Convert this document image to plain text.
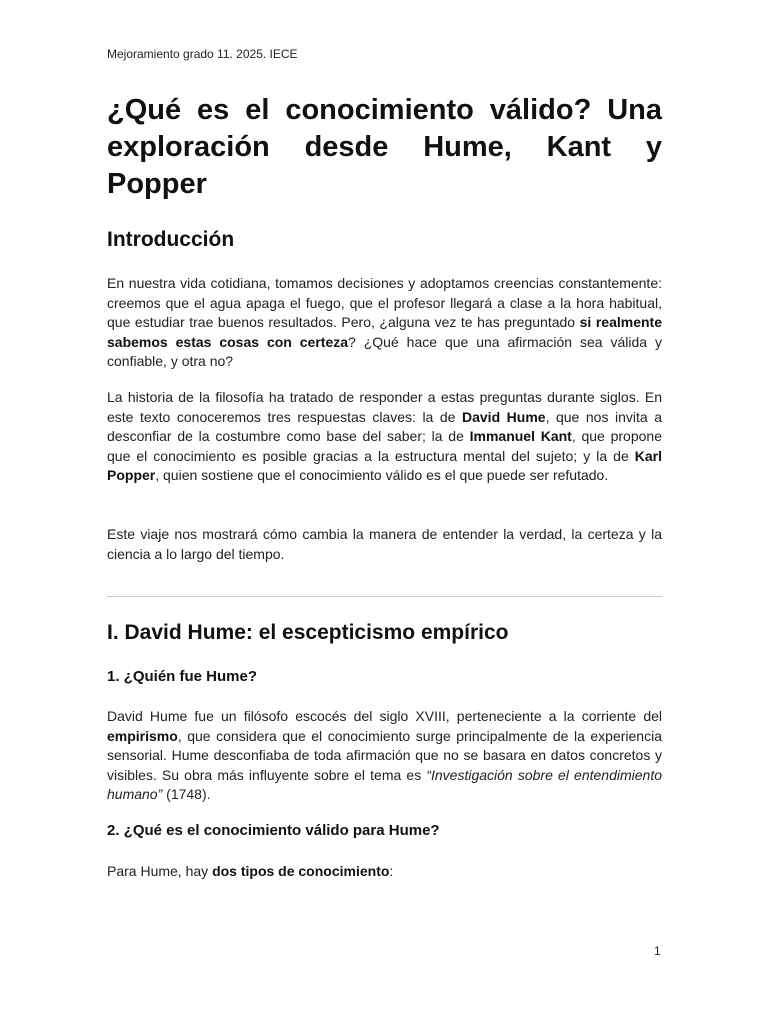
Mejoramiento grado 11. 2025. IECE
¿Qué es el conocimiento válido? Una exploración desde Hume, Kant y Popper
Introducción

En nuestra vida cotidiana, tomamos decisiones y adoptamos creencias constantemente: creemos que el agua apaga el fuego, que el profesor llegará a clase a la hora habitual, que estudiar trae buenos resultados. Pero, ¿alguna vez te has preguntado si realmente sabemos estas cosas con certeza? ¿Qué hace que una afirmación sea válida y confiable, y otra no?

La historia de la filosofía ha tratado de responder a estas preguntas durante siglos. En este texto conoceremos tres respuestas claves: la de David Hume, que nos invita a desconfiar de la costumbre como base del saber; la de Immanuel Kant, que propone que el conocimiento es posible gracias a la estructura mental del sujeto; y la de Karl Popper, quien sostiene que el conocimiento válido es el que puede ser refutado.

Este viaje nos mostrará cómo cambia la manera de entender la verdad, la certeza y la ciencia a lo largo del tiempo.

I. David Hume: el escepticismo empírico
1. ¿Quién fue Hume?

David Hume fue un filósofo escocés del siglo XVIII, perteneciente a la corriente del empirismo, que considera que el conocimiento surge principalmente de la experiencia sensorial. Hume desconfiaba de toda afirmación que no se basara en datos concretos y visibles. Su obra más influyente sobre el tema es “Investigación sobre el entendimiento humano” (1748).

2. ¿Qué es el conocimiento válido para Hume?

Para Hume, hay dos tipos de conocimiento:

1
